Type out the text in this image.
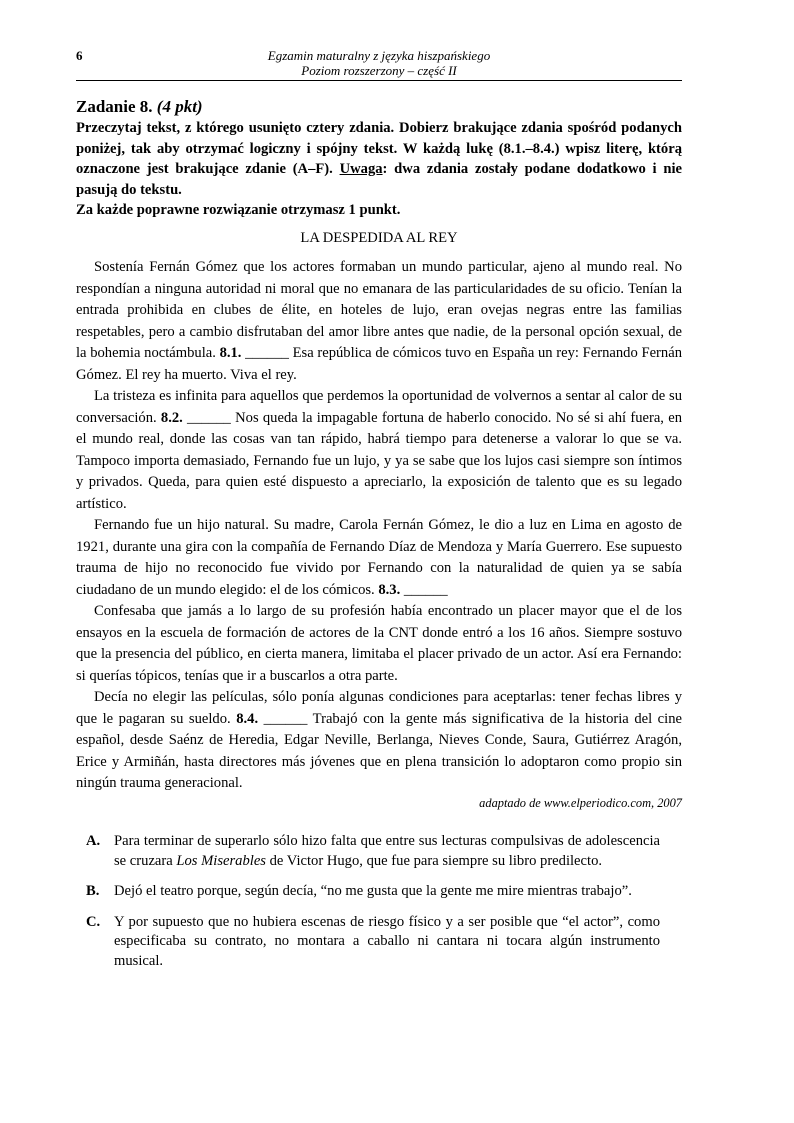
6	Egzamin maturalny z języka hiszpańskiego
Poziom rozszerzony – część II
Zadanie 8. (4 pkt)
Przeczytaj tekst, z którego usunięto cztery zdania. Dobierz brakujące zdania spośród podanych poniżej, tak aby otrzymać logiczny i spójny tekst. W każdą lukę (8.1.–8.4.) wpisz literę, którą oznaczone jest brakujące zdanie (A–F). Uwaga: dwa zdania zostały podane dodatkowo i nie pasują do tekstu.
Za każde poprawne rozwiązanie otrzymasz 1 punkt.
LA DESPEDIDA AL REY

Sostenía Fernán Gómez que los actores formaban un mundo particular, ajeno al mundo real. No respondían a ninguna autoridad ni moral que no emanara de las particularidades de su oficio. Tenían la entrada prohibida en clubes de élite, en hoteles de lujo, eran ovejas negras entre las familias respetables, pero a cambio disfrutaban del amor libre antes que nadie, de la personal opción sexual, de la bohemia noctámbula. 8.1. ______ Esa república de cómicos tuvo en España un rey: Fernando Fernán Gómez. El rey ha muerto. Viva el rey.

La tristeza es infinita para aquellos que perdemos la oportunidad de volvernos a sentar al calor de su conversación. 8.2. ______ Nos queda la impagable fortuna de haberlo conocido. No sé si ahí fuera, en el mundo real, donde las cosas van tan rápido, habrá tiempo para detenerse a valorar lo que se va. Tampoco importa demasiado, Fernando fue un lujo, y ya se sabe que los lujos casi siempre son íntimos y privados. Queda, para quien esté dispuesto a apreciarlo, la exposición de talento que es su legado artístico.

Fernando fue un hijo natural. Su madre, Carola Fernán Gómez, le dio a luz en Lima en agosto de 1921, durante una gira con la compañía de Fernando Díaz de Mendoza y María Guerrero. Ese supuesto trauma de hijo no reconocido fue vivido por Fernando con la naturalidad de quien ya se sabía ciudadano de un mundo elegido: el de los cómicos. 8.3. ______

Confesaba que jamás a lo largo de su profesión había encontrado un placer mayor que el de los ensayos en la escuela de formación de actores de la CNT donde entró a los 16 años. Siempre sostuvo que la presencia del público, en cierta manera, limitaba el placer privado de un actor. Así era Fernando: si querías tópicos, tenías que ir a buscarlos a otra parte.

Decía no elegir las películas, sólo ponía algunas condiciones para aceptarlas: tener fechas libres y que le pagaran su sueldo. 8.4. ______ Trabajó con la gente más significativa de la historia del cine español, desde Saénz de Heredia, Edgar Neville, Berlanga, Nieves Conde, Saura, Gutiérrez Aragón, Erice y Armiñán, hasta directores más jóvenes que en plena transición lo adoptaron como propio sin ningún trauma generacional.

adaptado de www.elperiodico.com, 2007
A. Para terminar de superarlo sólo hizo falta que entre sus lecturas compulsivas de adolescencia se cruzara Los Miserables de Victor Hugo, que fue para siempre su libro predilecto.
B.	Dejó el teatro porque, según decía, “no me gusta que la gente me mire mientras trabajo”.
C. Y por supuesto que no hubiera escenas de riesgo físico y a ser posible que “el actor”, como especificaba su contrato, no montara a caballo ni cantara ni tocara algún instrumento musical.
